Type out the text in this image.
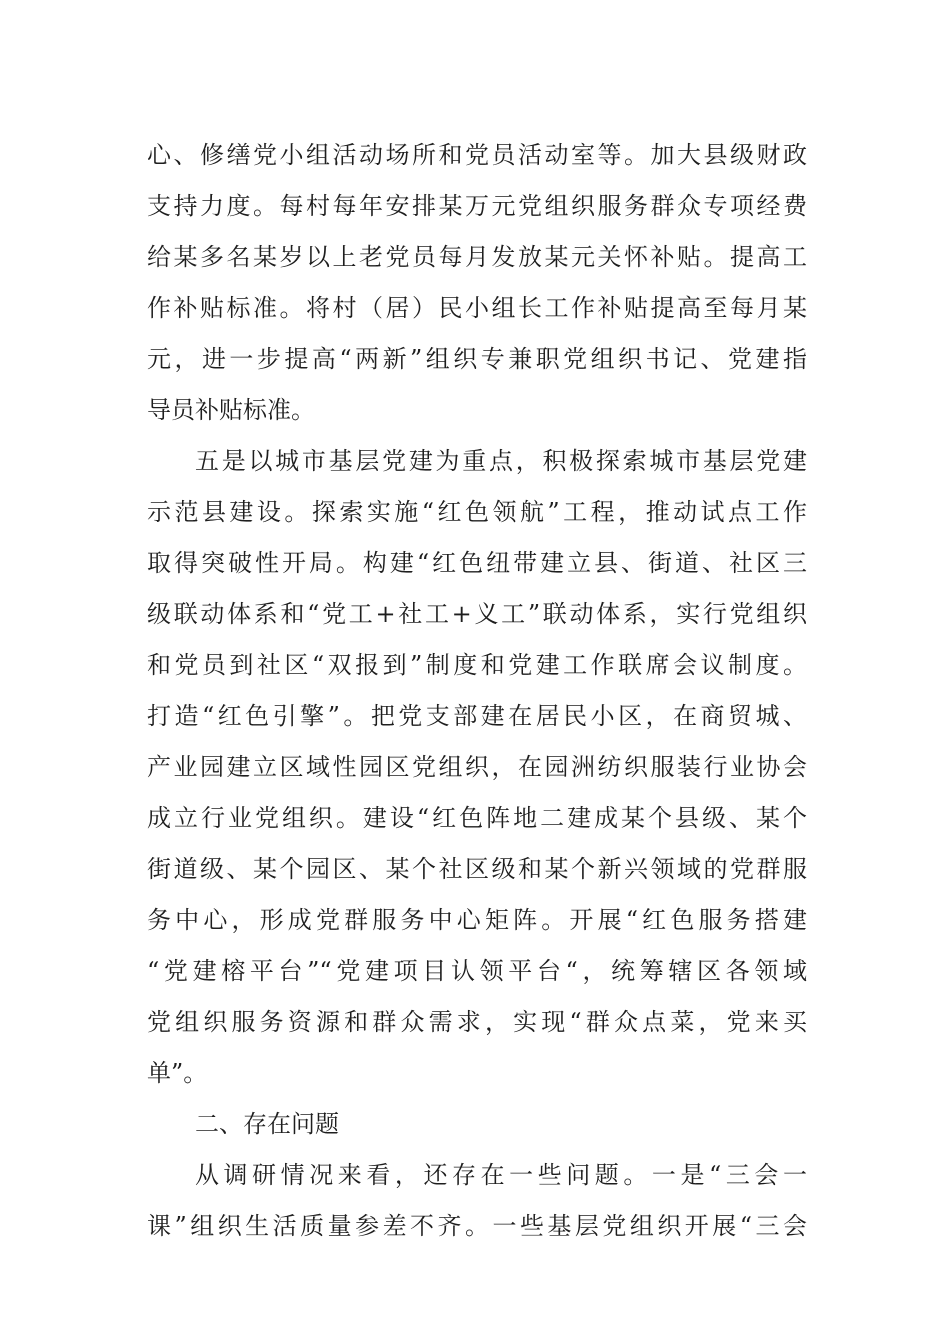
心、修缮党小组活动场所和党员活动室等。加大县级财政
支持力度。每村每年安排某万元党组织服务群众专项经费
给某多名某岁以上老党员每月发放某元关怀补贴。提高工
作补贴标准。将村（居）民小组长工作补贴提高至每月某
元，进一步提高“两新”组织专兼职党组织书记、党建指
导员补贴标准。
五是以城市基层党建为重点，积极探索城市基层党建
示范县建设。探索实施“红色领航”工程，推动试点工作
取得突破性开局。构建“红色纽带建立县、街道、社区三
级联动体系和“党工+社工+义工”联动体系，实行党组织
和党员到社区“双报到”制度和党建工作联席会议制度。
打造“红色引擎”。把党支部建在居民小区，在商贸城、
产业园建立区域性园区党组织，在园洲纺织服装行业协会
成立行业党组织。建设“红色阵地二建成某个县级、某个
街道级、某个园区、某个社区级和某个新兴领域的党群服
务中心，形成党群服务中心矩阵。开展“红色服务搭建
“党建榕平台”“党建项目认领平台“，统筹辖区各领域
党组织服务资源和群众需求，实现“群众点菜，党来买
单”。
二、存在问题
从调研情况来看，还存在一些问题。一是“三会一
课”组织生活质量参差不齐。一些基层党组织开展“三会
